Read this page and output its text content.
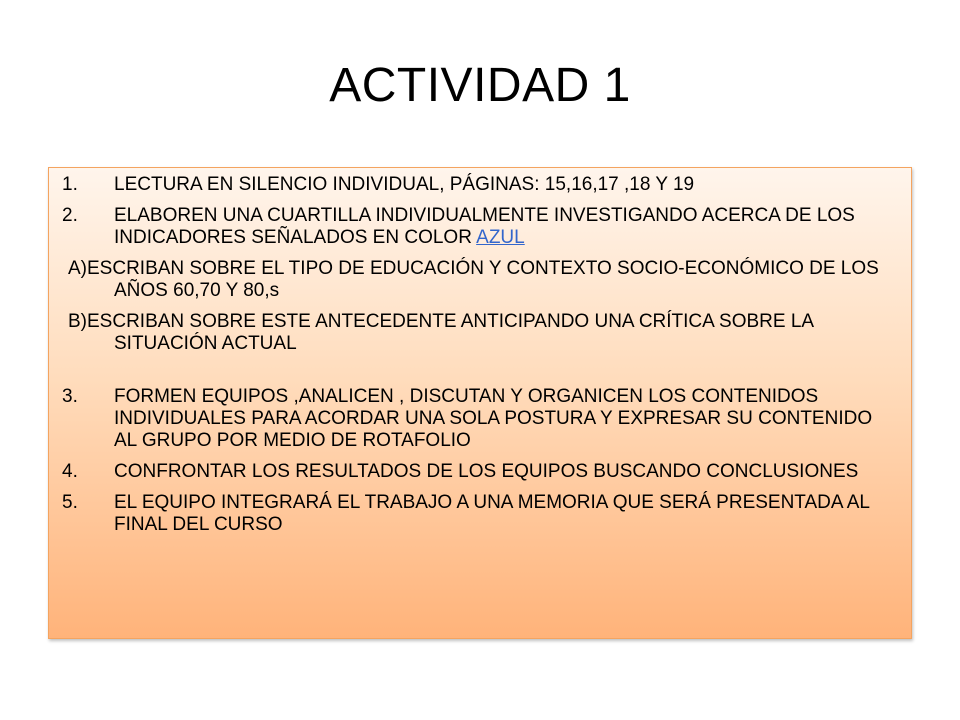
ACTIVIDAD 1
1. LECTURA EN SILENCIO INDIVIDUAL, PÁGINAS: 15,16,17 ,18 Y 19
2. ELABOREN UNA CUARTILLA INDIVIDUALMENTE INVESTIGANDO ACERCA DE LOS INDICADORES SEÑALADOS EN COLOR AZUL
A)ESCRIBAN SOBRE EL TIPO DE EDUCACIÓN Y CONTEXTO SOCIO-ECONÓMICO DE LOS AÑOS 60,70 Y 80,s
B)ESCRIBAN SOBRE ESTE ANTECEDENTE ANTICIPANDO UNA CRÍTICA SOBRE LA SITUACIÓN ACTUAL
3. FORMEN EQUIPOS ,ANALICEN , DISCUTAN Y ORGANICEN LOS CONTENIDOS INDIVIDUALES PARA ACORDAR UNA SOLA POSTURA Y EXPRESAR SU CONTENIDO AL GRUPO POR MEDIO DE ROTAFOLIO
4. CONFRONTAR LOS RESULTADOS DE LOS EQUIPOS BUSCANDO CONCLUSIONES
5. EL EQUIPO INTEGRARÁ EL TRABAJO A UNA MEMORIA QUE SERÁ PRESENTADA AL FINAL DEL CURSO
